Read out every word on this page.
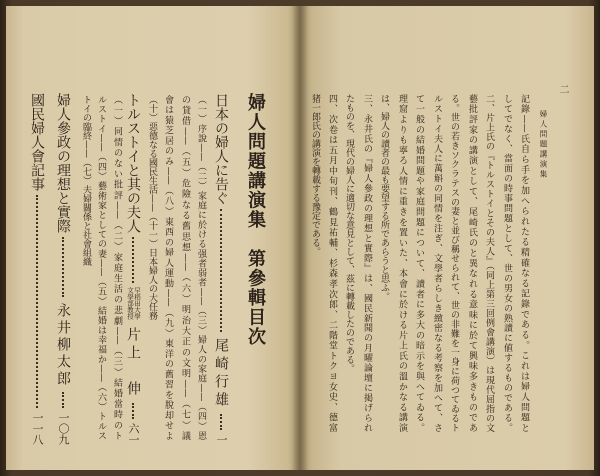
婦人問題講演集　第參輯目次
日本の婦人に告ぐ
尾崎行雄
一
（一）序說——（二）家庭に於ける强者弱者——（三）婦人の家庭——（四）恩
の貸借——（五）危險なる舊思想——（六）明治大正の文明——（七）議
會は猿芝居のみ——（八）東西の婦人運動——（九）東洋の舊習を脫却せよ
（十）惡德なる國民生活——（十一）日本婦人の大任務
トルストイと其の夫人
早稻田大學文學部教授
片上　伸
六一
（一）同情のない批評——（二）家庭生活の悲劇——（三）結婚當時のト
ルストイ——（四）藝術家としての妻——（五）結婚は幸福か——（六）トルス
トイの臨終——（七）夫婦關係と社會組織
婦人參政の理想と實際
永井柳太郎
一〇九
國民婦人會記事
一一八
二
婦人問題講演集
記錄——氏自ら手を加へられたる精確なる記錄である。これは婦人問題と
してでなく、當面の時事問題として、世の男女の熟讀に値するものである。
二、片上氏の『トルストイとその夫人』（同上第三回例會講演）は現代屈指の文
藝批評家の講演として、尾崎氏のと異なれる意味に於て興味多きものであ
る。世の若きソクラテスの妻と並び稱せられて、世の非難を一身に荷つてゐるト
ルストイ夫人に萬斛の同情を注ぎ、文學者らしき緻密なる考察を加へて、さ
て一般の結婚問題や家庭問題について、讀者に多大の暗示を與へてゐる。
理窟よりも寧ろ人情に重きを置いた、本會に於ける片上氏の溫かなる講演
は、婦人の讀者の最も要望する所であらうと思ふ。
三、永井氏の『婦人參政の理想と實際』は、國民新聞の月曜論壇に掲げられ
たものを、現代の婦人に適切な意見として、茲に轉載したのである。
四、次卷は五月中旬刊、鶴見祐輔、杉森孝次郎、二階堂トクヨ女史、德富
猪一郎氏の講演を轉載する豫定である。
